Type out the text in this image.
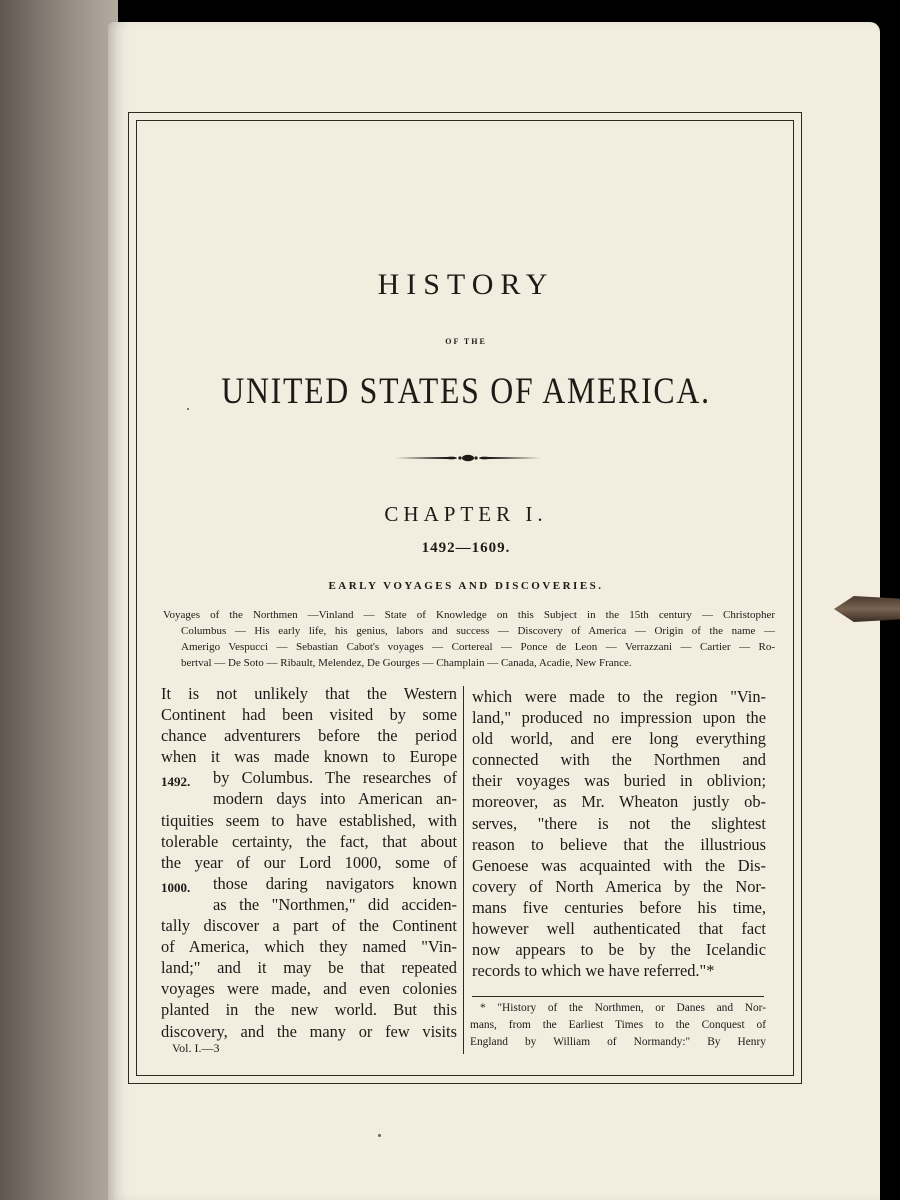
HISTORY

OF THE

UNITED STATES OF AMERICA.
CHAPTER I.

1492—1609.

EARLY VOYAGES AND DISCOVERIES.

Voyages of the Northmen —Vinland — State of Knowledge on this Subject in the 15th century — Christopher
Columbus — His early life, his genius, labors and success — Discovery of America — Origin of the name —
Amerigo Vespucci — Sebastian Cabot's voyages — Cortereal — Ponce de Leon — Verrazzani — Cartier — Ro-
bertval — De Soto — Ribault, Melendez, De Gourges — Champlain — Canada, Acadie, New France.

It is not unlikely that the Western
Continent had been visited by some
chance adventurers before the period
when it was made known to Europe
by Columbus. The researches of
modern days into American an-
tiquities seem to have established, with
tolerable certainty, the fact, that about
the year of our Lord 1000, some of
those daring navigators known
as the "Northmen," did acciden-
tally discover a part of the Continent
of America, which they named "Vin-
land;" and it may be that repeated
voyages were made, and even colonies
planted in the new world. But this
discovery, and the many or few visits
1492.
1000.

Vol. I.—3

which were made to the region "Vin-
land," produced no impression upon the
old world, and ere long everything
connected with the Northmen and
their voyages was buried in oblivion;
moreover, as Mr. Wheaton justly ob-
serves, "there is not the slightest
reason to believe that the illustrious
Genoese was acquainted with the Dis-
covery of North America by the Nor-
mans five centuries before his time,
however well authenticated that fact
now appears to be by the Icelandic
records to which we have referred."*
* "History of the Northmen, or Danes and Nor-
mans, from the Earliest Times to the Conquest of
England by William of Normandy:" By Henry
